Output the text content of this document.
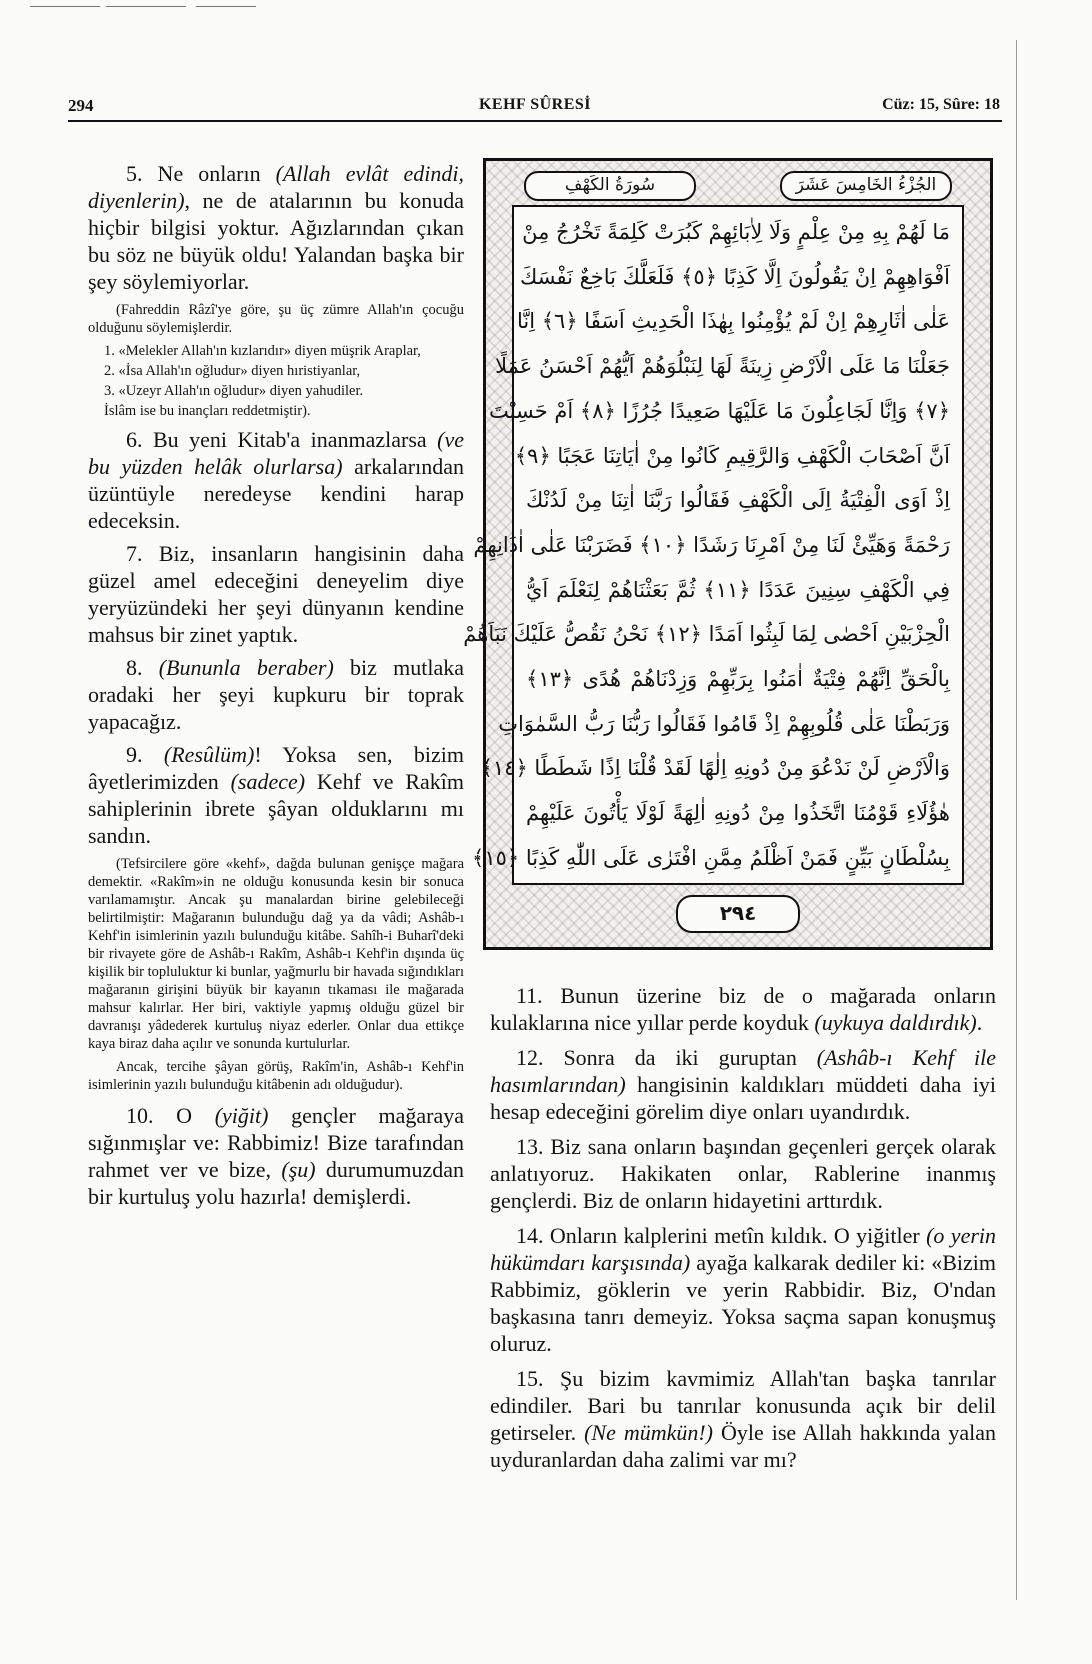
294	KEHF SÛRESİ	Cüz: 15, Sûre: 18

5. Ne onların (Allah evlât edindi, diyenlerin), ne de atalarının bu konuda hiçbir bilgisi yoktur. Ağızlarından çıkan bu söz ne büyük oldu! Yalandan başka bir şey söylemiyorlar.

(Fahreddin Râzî'ye göre, şu üç zümre Allah'ın çocuğu olduğunu söylemişlerdir.

1. «Melekler Allah'ın kızlarıdır» diyen müşrik Araplar,

2. «İsa Allah'ın oğludur» diyen hıristiyanlar,

3. «Uzeyr Allah'ın oğludur» diyen yahudiler.

İslâm ise bu inançları reddetmiştir).

6. Bu yeni Kitab'a inanmazlarsa (ve bu yüzden helâk olurlarsa) arkalarından üzüntüyle neredeyse kendini harap edeceksin.

7. Biz, insanların hangisinin daha güzel amel edeceğini deneyelim diye yeryüzündeki her şeyi dünyanın kendine mahsus bir zinet yaptık.

8. (Bununla beraber) biz mutlaka oradaki her şeyi kupkuru bir toprak yapacağız.

9. (Resûlüm)! Yoksa sen, bizim âyetlerimizden (sadece) Kehf ve Rakîm sahiplerinin ibrete şâyan olduklarını mı sandın.

(Tefsircilere göre «kehf», dağda bulunan genişçe mağara demektir. «Rakîm»in ne olduğu konusunda kesin bir sonuca varılamamıştır. Ancak şu manalardan birine gelebileceği belirtilmiştir: Mağaranın bulunduğu dağ ya da vâdi; Ashâb-ı Kehf'in isimlerinin yazılı bulunduğu kitâbe. Sahîh-i Buharî'deki bir rivayete göre de Ashâb-ı Rakîm, Ashâb-ı Kehf'in dışında üç kişilik bir topluluktur ki bunlar, yağmurlu bir havada sığındıkları mağaranın girişini büyük bir kayanın tıkaması ile mağarada mahsur kalırlar. Her biri, vaktiyle yapmış olduğu güzel bir davranışı yâdederek kurtuluş niyaz ederler. Onlar dua ettikçe kaya biraz daha açılır ve sonunda kurtulurlar.

Ancak, tercihe şâyan görüş, Rakîm'in, Ashâb-ı Kehf'in isimlerinin yazılı bulunduğu kitâbenin adı olduğudur).

10. O (yiğit) gençler mağaraya sığınmışlar ve: Rabbimiz! Bize tarafından rahmet ver ve bize, (şu) durumumuzdan bir kurtuluş yolu hazırla! demişlerdi.

سُورَةُ الكَهْفِ	الجُزْءُ الخَامِسَ عَشَرَ
مَا لَهُمْ بِهِ مِنْ عِلْمٍ وَلَا لِاٰبَائِهِمْ كَبُرَتْ كَلِمَةً تَخْرُجُ مِنْ
اَفْوَاهِهِمْ اِنْ يَقُولُونَ اِلَّا كَذِبًا ﴿٥﴾ فَلَعَلَّكَ بَاخِعٌ نَفْسَكَ
عَلٰى اٰثَارِهِمْ اِنْ لَمْ يُؤْمِنُوا بِهٰذَا الْحَدِيثِ اَسَفًا ﴿٦﴾ اِنَّا
جَعَلْنَا مَا عَلَى الْاَرْضِ زِينَةً لَهَا لِنَبْلُوَهُمْ اَيُّهُمْ اَحْسَنُ عَمَلًا
﴿٧﴾ وَاِنَّا لَجَاعِلُونَ مَا عَلَيْهَا صَعِيدًا جُرُزًا ﴿٨﴾ اَمْ حَسِبْتَ
اَنَّ اَصْحَابَ الْكَهْفِ وَالرَّقِيمِ كَانُوا مِنْ اٰيَاتِنَا عَجَبًا ﴿٩﴾
اِذْ اَوَى الْفِتْيَةُ اِلَى الْكَهْفِ فَقَالُوا رَبَّنَا اٰتِنَا مِنْ لَدُنْكَ
رَحْمَةً وَهَيِّئْ لَنَا مِنْ اَمْرِنَا رَشَدًا ﴿١٠﴾ فَضَرَبْنَا عَلٰى اٰذَانِهِمْ
فِي الْكَهْفِ سِنِينَ عَدَدًا ﴿١١﴾ ثُمَّ بَعَثْنَاهُمْ لِنَعْلَمَ اَيُّ
الْحِزْبَيْنِ اَحْصٰى لِمَا لَبِثُوا اَمَدًا ﴿١٢﴾ نَحْنُ نَقُصُّ عَلَيْكَ نَبَاَهُمْ
بِالْحَقِّ اِنَّهُمْ فِتْيَةٌ اٰمَنُوا بِرَبِّهِمْ وَزِدْنَاهُمْ هُدًى ﴿١٣﴾
وَرَبَطْنَا عَلٰى قُلُوبِهِمْ اِذْ قَامُوا فَقَالُوا رَبُّنَا رَبُّ السَّمٰوَاتِ
وَالْاَرْضِ لَنْ نَدْعُوَ مِنْ دُونِهِ اِلٰهًا لَقَدْ قُلْنَا اِذًا شَطَطًا ﴿١٤﴾
هٰؤُلَاءِ قَوْمُنَا اتَّخَذُوا مِنْ دُونِهِ اٰلِهَةً لَوْلَا يَأْتُونَ عَلَيْهِمْ
بِسُلْطَانٍ بَيِّنٍ فَمَنْ اَظْلَمُ مِمَّنِ افْتَرٰى عَلَى اللّٰهِ كَذِبًا ﴿١٥﴾
٢٩٤

11. Bunun üzerine biz de o mağarada onların kulaklarına nice yıllar perde koyduk (uykuya daldırdık).

12. Sonra da iki guruptan (Ashâb-ı Kehf ile hasımlarından) hangisinin kaldıkları müddeti daha iyi hesap edeceğini görelim diye onları uyandırdık.

13. Biz sana onların başından geçenleri gerçek olarak anlatıyoruz. Hakikaten onlar, Rablerine inanmış gençlerdi. Biz de onların hidayetini arttırdık.

14. Onların kalplerini metîn kıldık. O yiğitler (o yerin hükümdarı karşısında) ayağa kalkarak dediler ki: «Bizim Rabbimiz, göklerin ve yerin Rabbidir. Biz, O'ndan başkasına tanrı demeyiz. Yoksa saçma sapan konuşmuş oluruz.

15. Şu bizim kavmimiz Allah'tan başka tanrılar edindiler. Bari bu tanrılar konusunda açık bir delil getirseler. (Ne mümkün!) Öyle ise Allah hakkında yalan uyduranlardan daha zalimi var mı?
